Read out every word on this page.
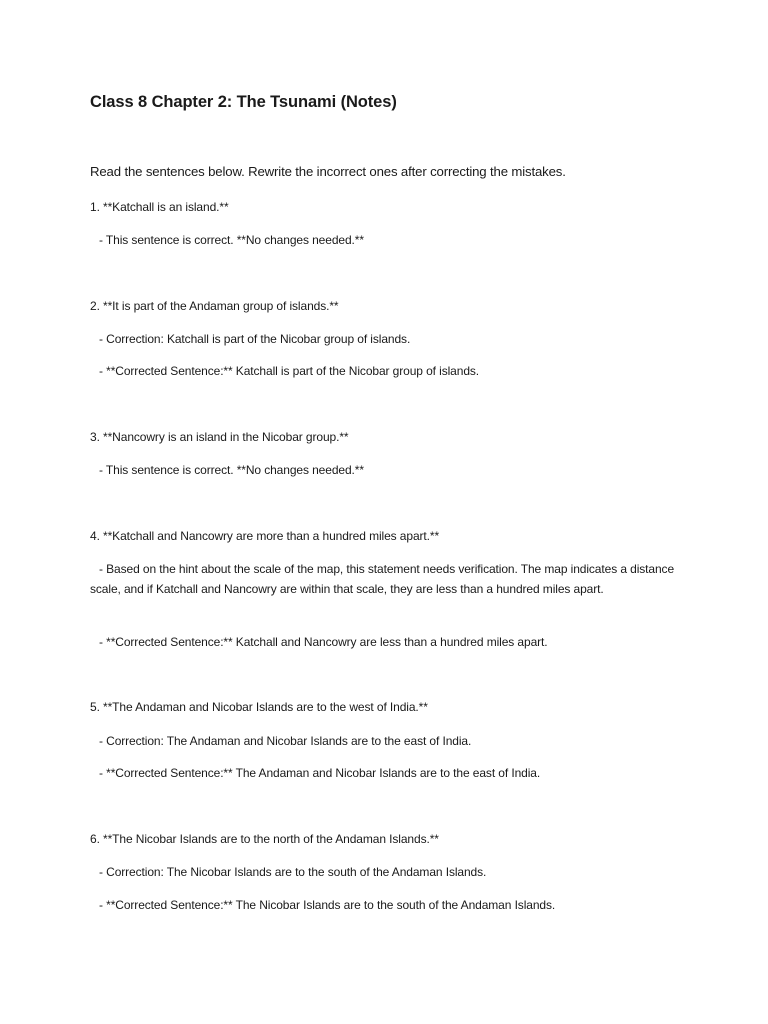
Class 8 Chapter 2: The Tsunami (Notes)
Read the sentences below. Rewrite the incorrect ones after correcting the mistakes.
1. **Katchall is an island.**
- This sentence is correct. **No changes needed.**
2. **It is part of the Andaman group of islands.**
- Correction: Katchall is part of the Nicobar group of islands.
- **Corrected Sentence:** Katchall is part of the Nicobar group of islands.
3. **Nancowry is an island in the Nicobar group.**
- This sentence is correct. **No changes needed.**
4. **Katchall and Nancowry are more than a hundred miles apart.**
- Based on the hint about the scale of the map, this statement needs verification. The map indicates a distance scale, and if Katchall and Nancowry are within that scale, they are less than a hundred miles apart.
- **Corrected Sentence:** Katchall and Nancowry are less than a hundred miles apart.
5. **The Andaman and Nicobar Islands are to the west of India.**
- Correction: The Andaman and Nicobar Islands are to the east of India.
- **Corrected Sentence:** The Andaman and Nicobar Islands are to the east of India.
6. **The Nicobar Islands are to the north of the Andaman Islands.**
- Correction: The Nicobar Islands are to the south of the Andaman Islands.
- **Corrected Sentence:** The Nicobar Islands are to the south of the Andaman Islands.
